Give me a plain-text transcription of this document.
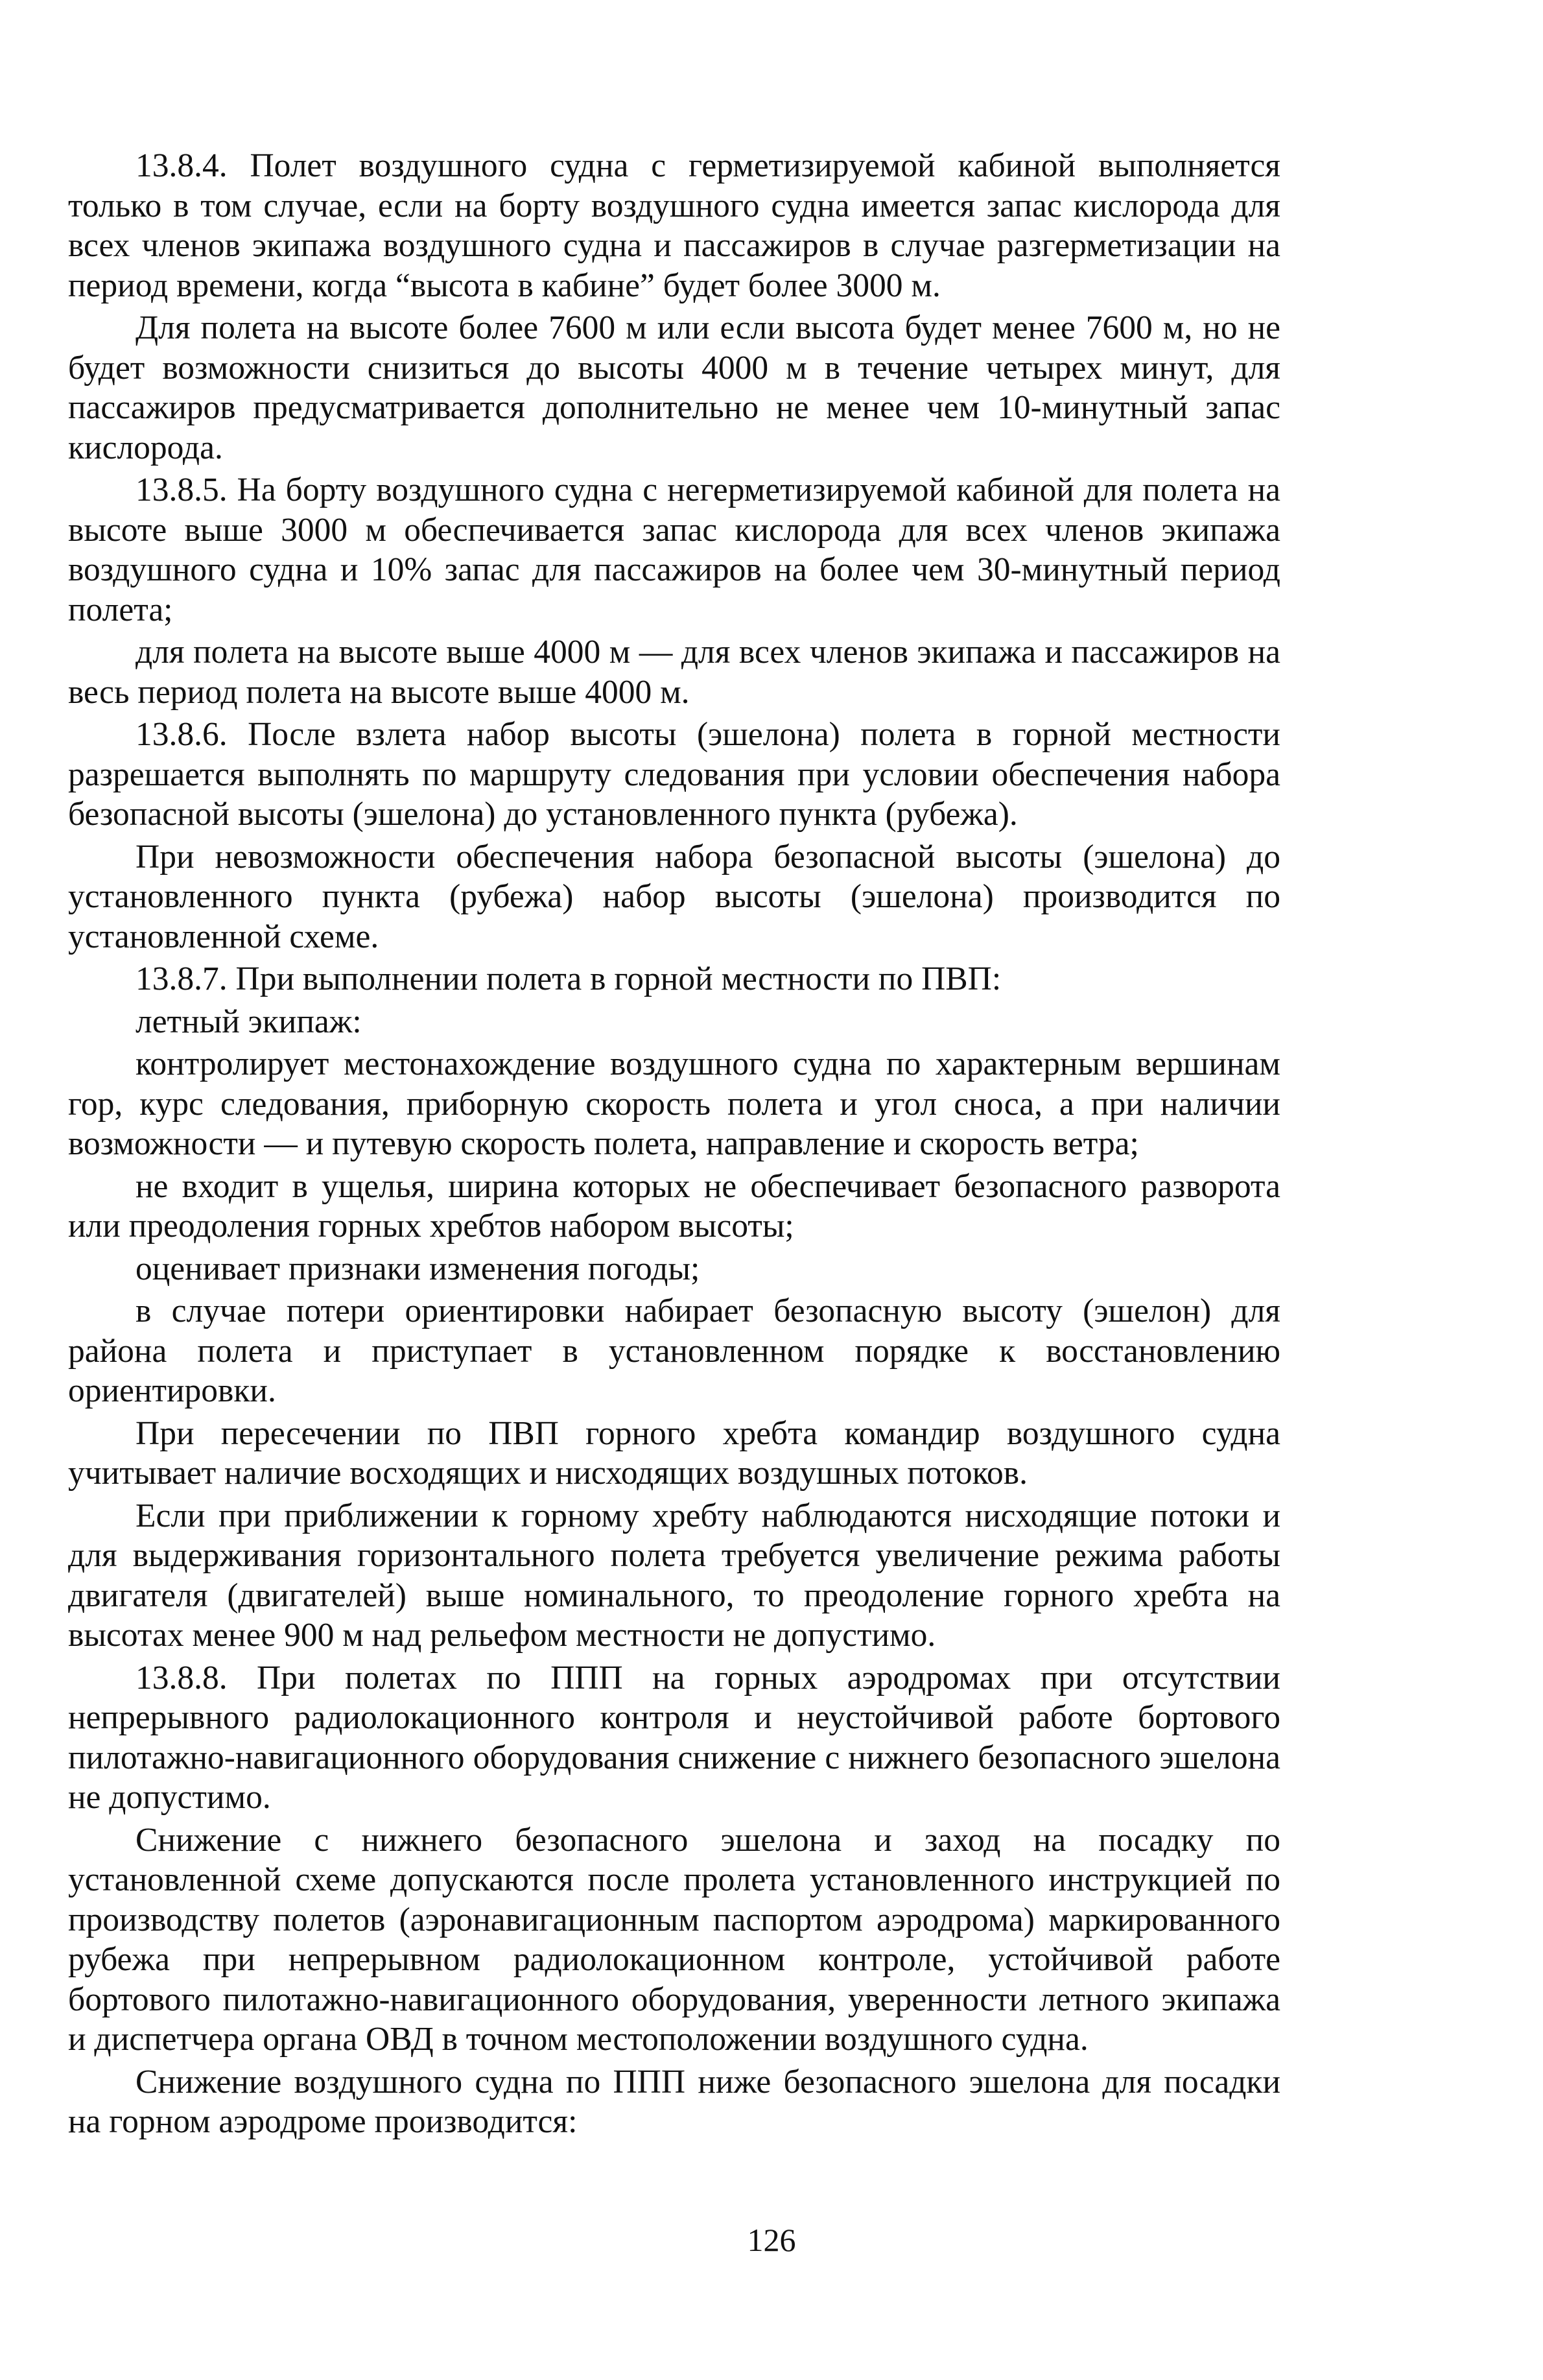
13.8.4. Полет воздушного судна с герметизируемой кабиной выполняется только в том случае, если на борту воздушного судна имеется запас кислорода для всех членов экипажа воздушного судна и пассажиров в случае разгерметизации на период времени, когда “высота в кабине” будет более 3000 м.

Для полета на высоте более 7600 м или если высота будет менее 7600 м, но не будет возможности снизиться до высоты 4000 м в течение четырех минут, для пассажиров предусматривается дополнительно не менее чем 10-минутный запас кислорода.

13.8.5. На борту воздушного судна с негерметизируемой кабиной для полета на высоте выше 3000 м обеспечивается запас кислорода для всех членов экипажа воздушного судна и 10% запас для пассажиров на более чем 30-минутный период полета;

для полета на высоте выше 4000 м — для всех членов экипажа и пассажиров на весь период полета на высоте выше 4000 м.

13.8.6. После взлета набор высоты (эшелона) полета в горной местности разрешается выполнять по маршруту следования при условии обеспечения набора безопасной высоты (эшелона) до установленного пункта (рубежа).

При невозможности обеспечения набора безопасной высоты (эшелона) до установленного пункта (рубежа) набор высоты (эшелона) производится по установленной схеме.

13.8.7. При выполнении полета в горной местности по ПВП:

летный экипаж:

контролирует местонахождение воздушного судна по характерным вершинам гор, курс следования, приборную скорость полета и угол сноса, а при наличии возможности — и путевую скорость полета, направление и скорость ветра;

не входит в ущелья, ширина которых не обеспечивает безопасного разворота или преодоления горных хребтов набором высоты;

оценивает признаки изменения погоды;

в случае потери ориентировки набирает безопасную высоту (эшелон) для района полета и приступает в установленном порядке к восстановлению ориентировки.

При пересечении по ПВП горного хребта командир воздушного судна учитывает наличие восходящих и нисходящих воздушных потоков.

Если при приближении к горному хребту наблюдаются нисходящие потоки и для выдерживания горизонтального полета требуется увеличение режима работы двигателя (двигателей) выше номинального, то преодоление горного хребта на высотах менее 900 м над рельефом местности не допустимо.

13.8.8. При полетах по ППП на горных аэродромах при отсутствии непрерывного радиолокационного контроля и неустойчивой работе бортового пилотажно-навигационного оборудования снижение с нижнего безопасного эшелона не допустимо.

Снижение с нижнего безопасного эшелона и заход на посадку по установленной схеме допускаются после пролета установленного инструкцией по производству полетов (аэронавигационным паспортом аэродрома) маркированного рубежа при непрерывном радиолокационном контроле, устойчивой работе бортового пилотажно-навигационного оборудования, уверенности летного экипажа и диспетчера органа ОВД в точном местоположении воздушного судна.

Снижение воздушного судна по ППП ниже безопасного эшелона для посадки на горном аэродроме производится:

126
